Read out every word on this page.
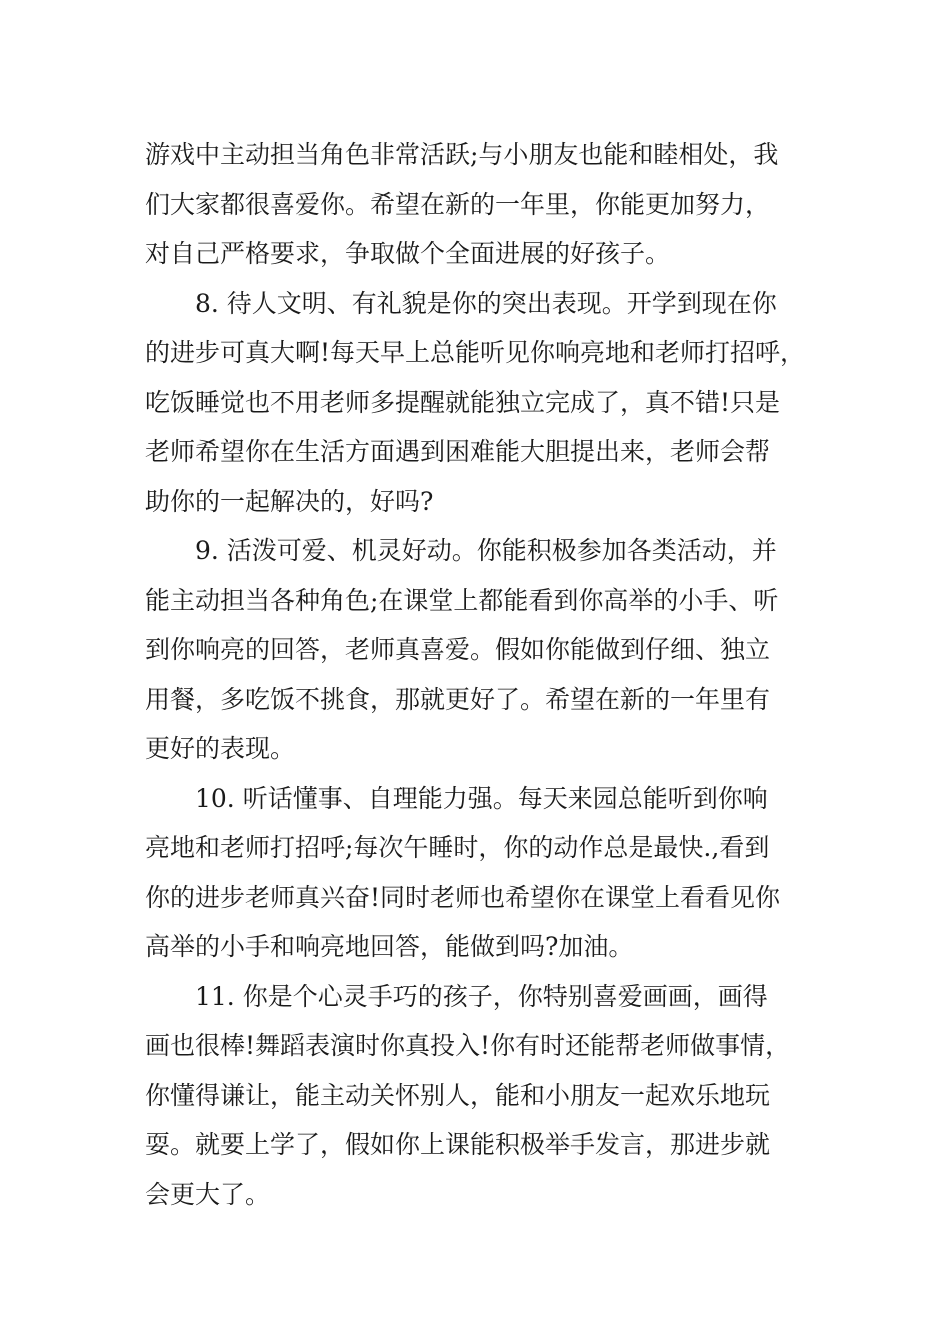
游戏中主动担当角色非常活跃;与小朋友也能和睦相处，我
们大家都很喜爱你。希望在新的一年里，你能更加努力，
对自己严格要求，争取做个全面进展的好孩子。
8. 待人文明、有礼貌是你的突出表现。开学到现在你
的进步可真大啊!每天早上总能听见你响亮地和老师打招呼，
吃饭睡觉也不用老师多提醒就能独立完成了，真不错!只是
老师希望你在生活方面遇到困难能大胆提出来，老师会帮
助你的一起解决的，好吗?
9. 活泼可爱、机灵好动。你能积极参加各类活动，并
能主动担当各种角色;在课堂上都能看到你高举的小手、听
到你响亮的回答，老师真喜爱。假如你能做到仔细、独立
用餐，多吃饭不挑食，那就更好了。希望在新的一年里有
更好的表现。
10. 听话懂事、自理能力强。每天来园总能听到你响
亮地和老师打招呼;每次午睡时，你的动作总是最快.,看到
你的进步老师真兴奋!同时老师也希望你在课堂上看看见你
高举的小手和响亮地回答，能做到吗?加油。
11. 你是个心灵手巧的孩子，你特别喜爱画画，画得
画也很棒!舞蹈表演时你真投入!你有时还能帮老师做事情，
你懂得谦让，能主动关怀别人，能和小朋友一起欢乐地玩
耍。就要上学了，假如你上课能积极举手发言，那进步就
会更大了。
